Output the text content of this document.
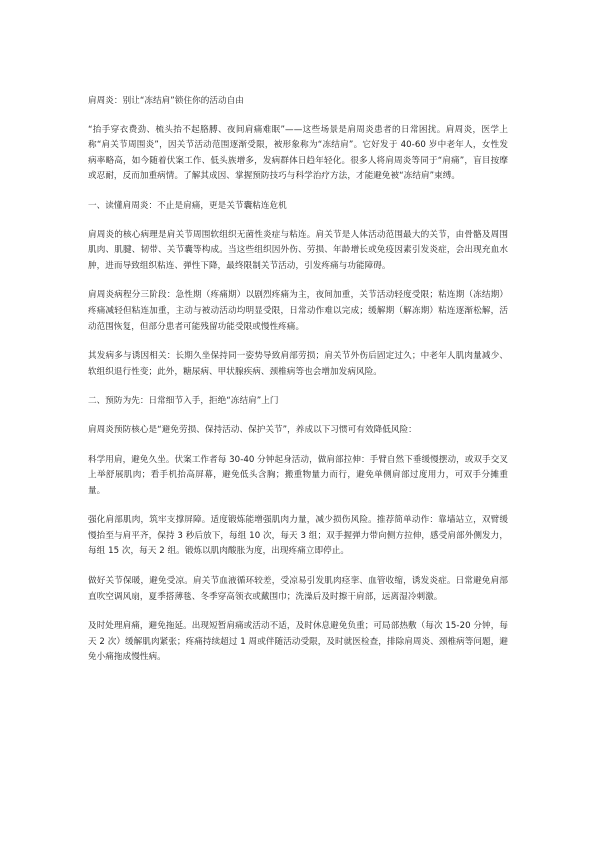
肩周炎：别让“冻结肩”锁住你的活动自由

“抬手穿衣费劲、梳头抬不起胳膊、夜间肩痛难眠”——这些场景是肩周炎患者的日常困扰。肩周炎，医学上称“肩关节周围炎”，因关节活动范围逐渐受限，被形象称为“冻结肩”。它好发于 40-60 岁中老年人，女性发病率略高，如今随着伏案工作、低头族增多，发病群体日趋年轻化。很多人将肩周炎等同于“肩痛”，盲目按摩或忍耐，反而加重病情。了解其成因、掌握预防技巧与科学治疗方法，才能避免被“冻结肩”束缚。

一、读懂肩周炎：不止是肩痛，更是关节囊粘连危机

肩周炎的核心病理是肩关节周围软组织无菌性炎症与粘连。肩关节是人体活动范围最大的关节，由骨骼及周围肌肉、肌腱、韧带、关节囊等构成。当这些组织因外伤、劳损、年龄增长或免疫因素引发炎症，会出现充血水肿，进而导致组织粘连、弹性下降，最终限制关节活动，引发疼痛与功能障碍。

肩周炎病程分三阶段：急性期（疼痛期）以剧烈疼痛为主，夜间加重，关节活动轻度受限；粘连期（冻结期）疼痛减轻但粘连加重，主动与被动活动均明显受限，日常动作难以完成；缓解期（解冻期）粘连逐渐松解，活动范围恢复，但部分患者可能残留功能受限或慢性疼痛。

其发病多与诱因相关：长期久坐保持同一姿势导致肩部劳损；肩关节外伤后固定过久；中老年人肌肉量减少、软组织退行性变；此外，糖尿病、甲状腺疾病、颈椎病等也会增加发病风险。

二、预防为先：日常细节入手，拒绝“冻结肩”上门

肩周炎预防核心是“避免劳损、保持活动、保护关节”，养成以下习惯可有效降低风险：

科学用肩，避免久坐。伏案工作者每 30-40 分钟起身活动，做肩部拉伸：手臂自然下垂缓慢摆动，或双手交叉上举舒展肌肉；看手机抬高屏幕，避免低头含胸；搬重物量力而行，避免单侧肩部过度用力，可双手分摊重量。

强化肩部肌肉，筑牢支撑屏障。适度锻炼能增强肌肉力量，减少损伤风险。推荐简单动作：靠墙站立，双臂缓慢抬至与肩平齐，保持 3 秒后放下，每组 10 次，每天 3 组；双手握弹力带向侧方拉伸，感受肩部外侧发力，每组 15 次，每天 2 组。锻炼以肌肉酸胀为度，出现疼痛立即停止。

做好关节保暖，避免受凉。肩关节血液循环较差，受凉易引发肌肉痉挛、血管收缩，诱发炎症。日常避免肩部直吹空调风扇，夏季搭薄毯、冬季穿高领衣或戴围巾；洗澡后及时擦干肩部，远离湿冷刺激。

及时处理肩痛，避免拖延。出现短暂肩痛或活动不适，及时休息避免负重；可局部热敷（每次 15-20 分钟，每天 2 次）缓解肌肉紧张；疼痛持续超过 1 周或伴随活动受限，及时就医检查，排除肩周炎、颈椎病等问题，避免小痛拖成慢性病。
